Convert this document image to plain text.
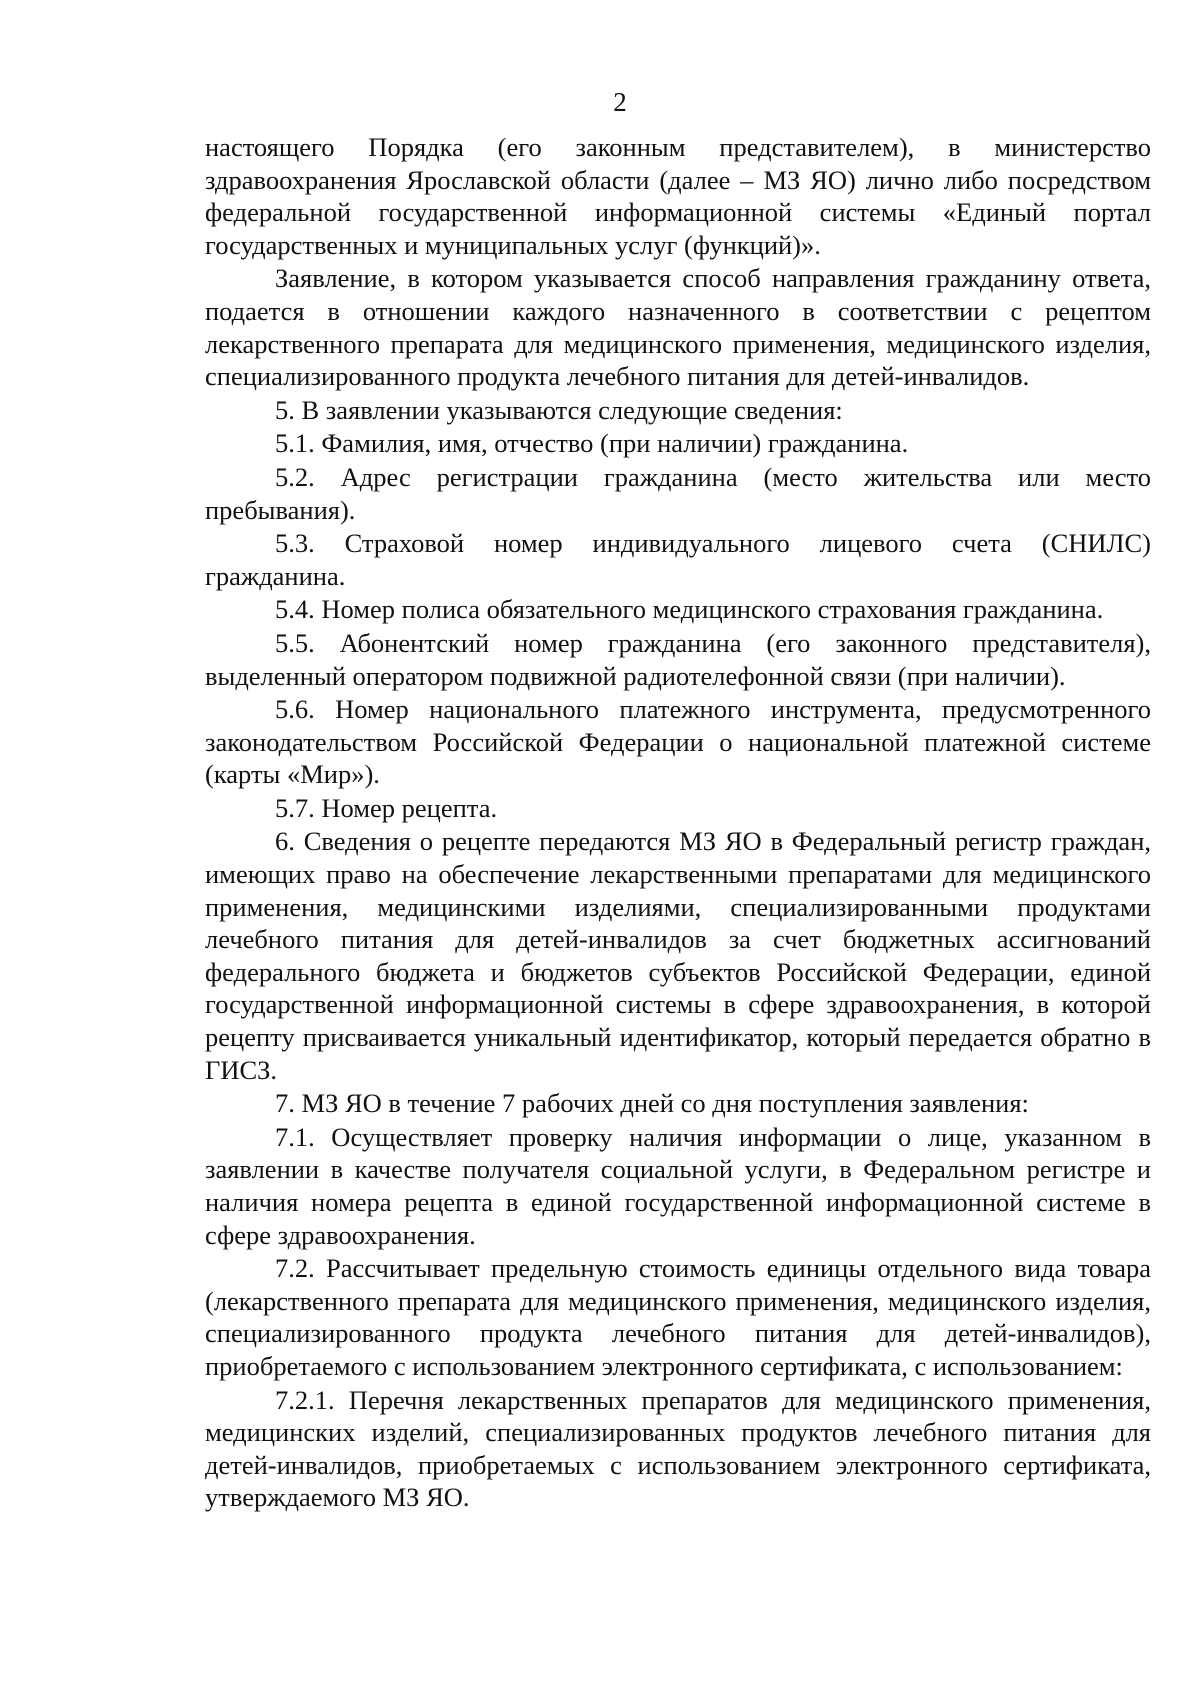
2

настоящего Порядка (его законным представителем), в министерство здравоохранения Ярославской области (далее – МЗ ЯО) лично либо посредством федеральной государственной информационной системы «Единый портал государственных и муниципальных услуг (функций)».

Заявление, в котором указывается способ направления гражданину ответа, подается в отношении каждого назначенного в соответствии с рецептом лекарственного препарата для медицинского применения, медицинского изделия, специализированного продукта лечебного питания для детей-инвалидов.

5. В заявлении указываются следующие сведения:

5.1. Фамилия, имя, отчество (при наличии) гражданина.

5.2. Адрес регистрации гражданина (место жительства или место пребывания).

5.3. Страховой номер индивидуального лицевого счета (СНИЛС) гражданина.

5.4. Номер полиса обязательного медицинского страхования гражданина.

5.5. Абонентский номер гражданина (его законного представителя), выделенный оператором подвижной радиотелефонной связи (при наличии).

5.6. Номер национального платежного инструмента, предусмотренного законодательством Российской Федерации о национальной платежной системе (карты «Мир»).

5.7. Номер рецепта.

6. Сведения о рецепте передаются МЗ ЯО в Федеральный регистр граждан, имеющих право на обеспечение лекарственными препаратами для медицинского применения, медицинскими изделиями, специализированными продуктами лечебного питания для детей-инвалидов за счет бюджетных ассигнований федерального бюджета и бюджетов субъектов Российской Федерации, единой государственной информационной системы в сфере здравоохранения, в которой рецепту присваивается уникальный идентификатор, который передается обратно в ГИСЗ.

7. МЗ ЯО в течение 7 рабочих дней со дня поступления заявления:

7.1. Осуществляет проверку наличия информации о лице, указанном в заявлении в качестве получателя социальной услуги, в Федеральном регистре и наличия номера рецепта в единой государственной информационной системе в сфере здравоохранения.

7.2. Рассчитывает предельную стоимость единицы отдельного вида товара (лекарственного препарата для медицинского применения, медицинского изделия, специализированного продукта лечебного питания для детей-инвалидов), приобретаемого с использованием электронного сертификата, с использованием:

7.2.1. Перечня лекарственных препаратов для медицинского применения, медицинских изделий, специализированных продуктов лечебного питания для детей-инвалидов, приобретаемых с использованием электронного сертификата, утверждаемого МЗ ЯО.
